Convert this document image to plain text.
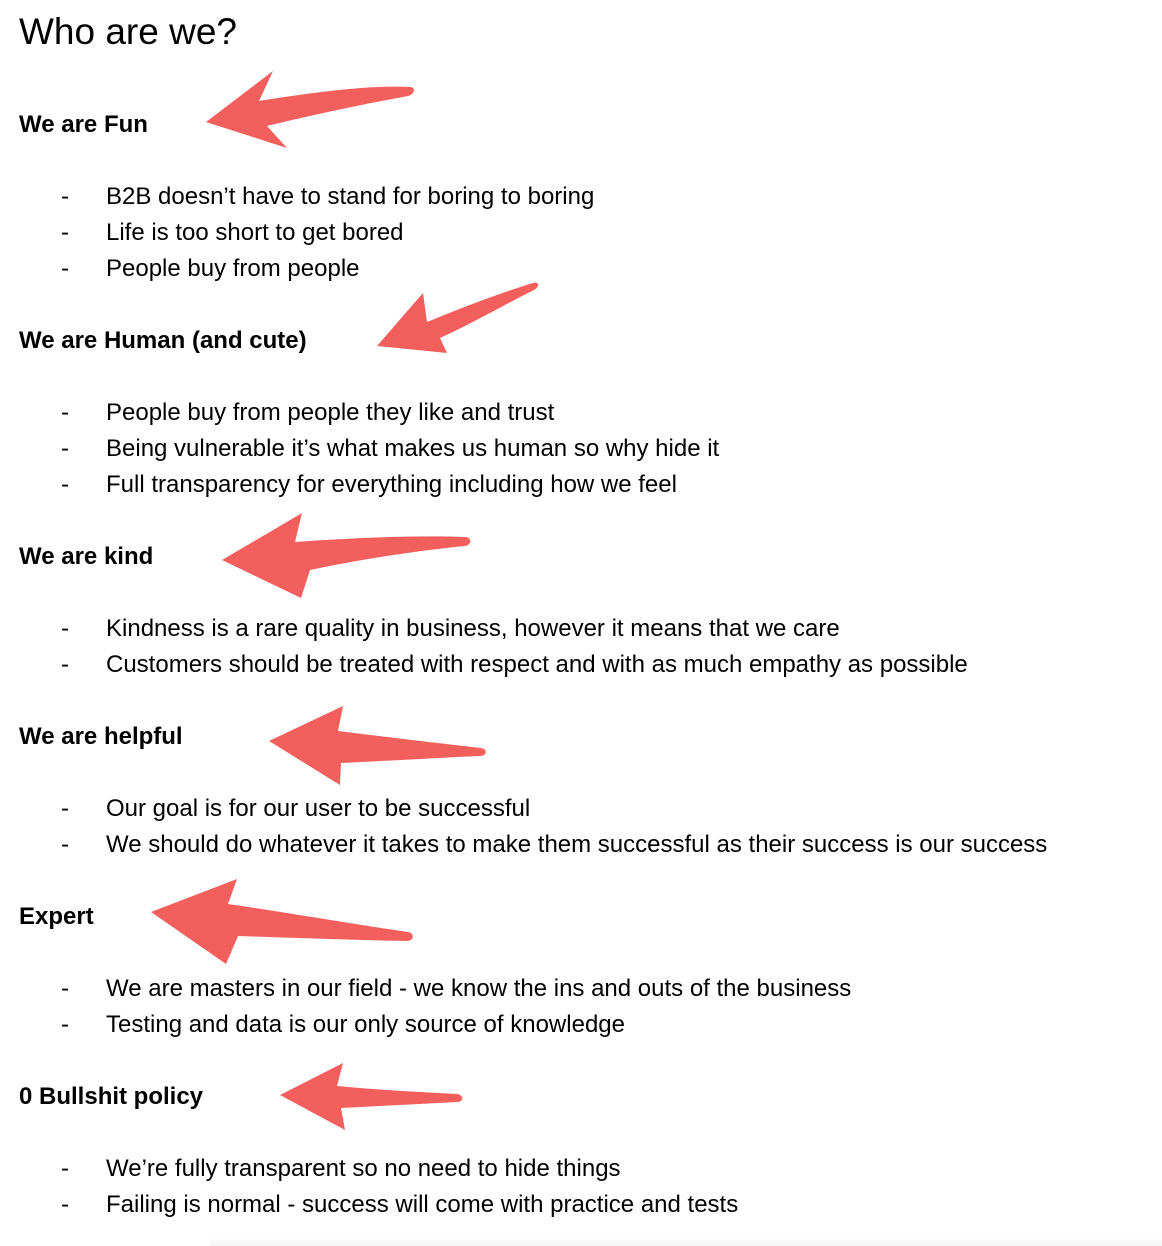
Who are we?
We are Fun
- B2B doesn’t have to stand for boring to boring
- Life is too short to get bored
- People buy from people
We are Human (and cute)
- People buy from people they like and trust
- Being vulnerable it’s what makes us human so why hide it
- Full transparency for everything including how we feel
We are kind
- Kindness is a rare quality in business, however it means that we care
- Customers should be treated with respect and with as much empathy as possible
We are helpful
- Our goal is for our user to be successful
- We should do whatever it takes to make them successful as their success is our success
Expert
- We are masters in our field - we know the ins and outs of the business
- Testing and data is our only source of knowledge
0 Bullshit policy
- We’re fully transparent so no need to hide things
- Failing is normal - success will come with practice and tests
